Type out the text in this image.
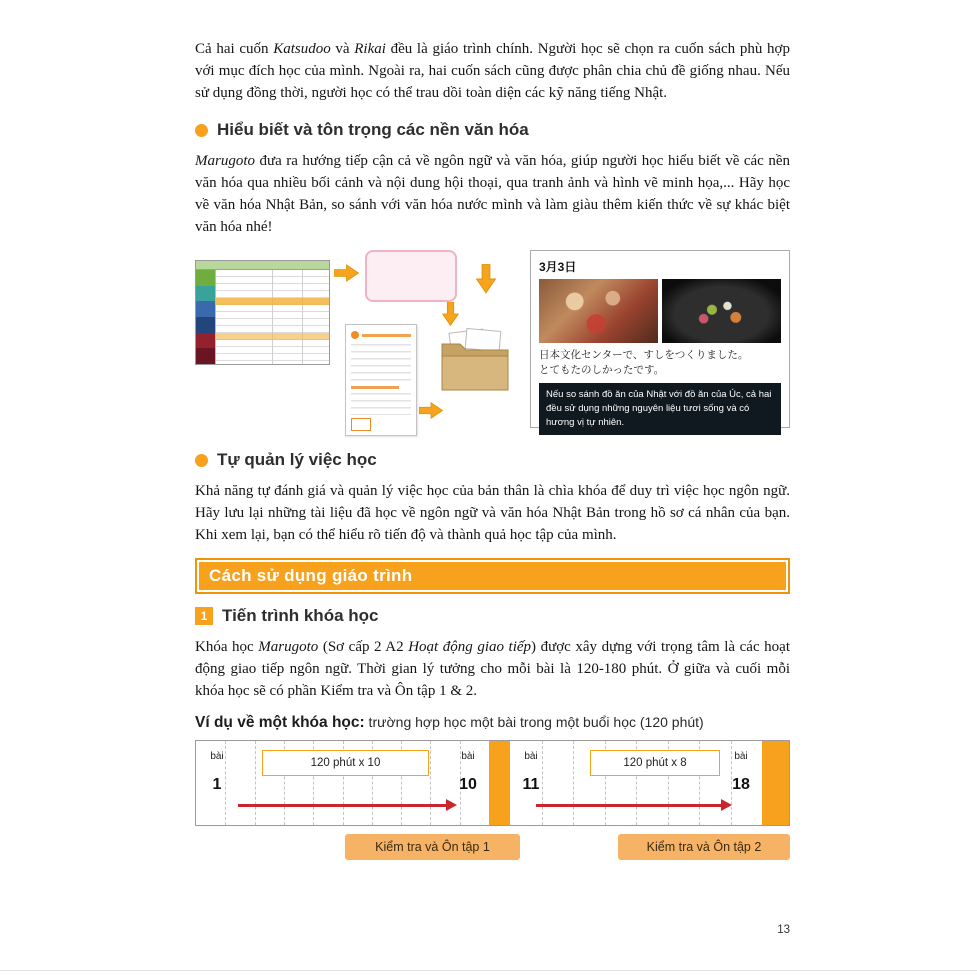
Cả hai cuốn Katsudoo và Rikai đều là giáo trình chính. Người học sẽ chọn ra cuốn sách phù hợp với mục đích học của mình. Ngoài ra, hai cuốn sách cũng được phân chia chủ đề giống nhau. Nếu sử dụng đồng thời, người học có thể trau dồi toàn diện các kỹ năng tiếng Nhật.

Hiểu biết và tôn trọng các nền văn hóa

Marugoto đưa ra hướng tiếp cận cả về ngôn ngữ và văn hóa, giúp người học hiểu biết về các nền văn hóa qua nhiều bối cảnh và nội dung hội thoại, qua tranh ảnh và hình vẽ minh họa,... Hãy học về văn hóa Nhật Bản, so sánh với văn hóa nước mình và làm giàu thêm kiến thức về sự khác biệt văn hóa nhé!

3月3日
日本文化センターで、すしをつくりました。
とてもたのしかったです。
Nếu so sánh đồ ăn của Nhật với đồ ăn của Úc, cả hai đều sử dụng những nguyên liệu tươi sống và có hương vị tự nhiên.
Tự quản lý việc học

Khả năng tự đánh giá và quản lý việc học của bản thân là chìa khóa để duy trì việc học ngôn ngữ. Hãy lưu lại những tài liệu đã học về ngôn ngữ và văn hóa Nhật Bản trong hồ sơ cá nhân của bạn. Khi xem lại, bạn có thể hiểu rõ tiến độ và thành quả học tập của mình.

Cách sử dụng giáo trình
1 Tiến trình khóa học

Khóa học Marugoto (Sơ cấp 2 A2 Hoạt động giao tiếp) được xây dựng với trọng tâm là các hoạt động giao tiếp ngôn ngữ. Thời gian lý tưởng cho mỗi bài là 120-180 phút. Ở giữa và cuối mỗi khóa học sẽ có phần Kiểm tra và Ôn tập 1 & 2.

Ví dụ về một khóa học: trường hợp học một bài trong một buổi học (120 phút)

bài
1
120 phút x 10
bài
10
bài
11
120 phút x 8
bài
18
Kiểm tra và Ôn tập 1	Kiểm tra và Ôn tập 2
13
